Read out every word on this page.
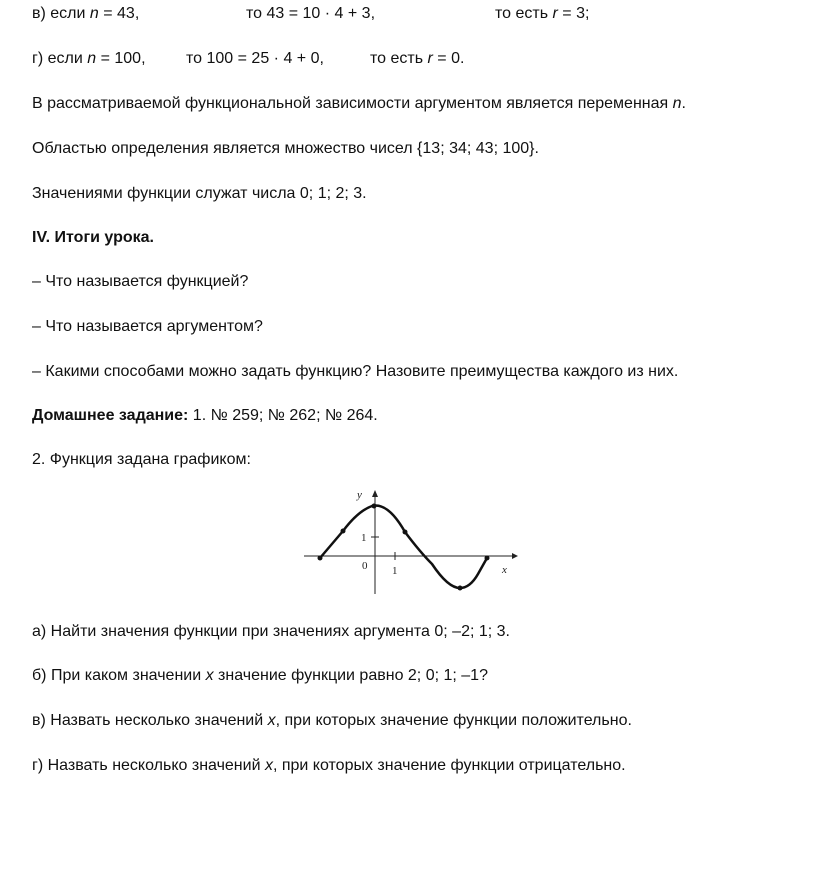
в) если n = 43,	то 43 = 10 · 4 + 3,	то есть r = 3;
г) если n = 100,	то 100 = 25 · 4 + 0,	то есть r = 0.
В рассматриваемой функциональной зависимости аргументом является переменная n.
Областью определения является множество чисел {13; 34; 43; 100}.
Значениями функции служат числа 0; 1; 2; 3.
IV. Итоги урока.
– Что называется функцией?
– Что называется аргументом?
– Какими способами можно задать функцию? Назовите преимущества каждого из них.
Домашнее задание: 1. № 259; № 262; № 264.
2. Функция задана графиком:
y
x
0 1
1
а) Найти значения функции при значениях аргумента 0; –2; 1; 3.
б) При каком значении x значение функции равно 2; 0; 1; –1?
в) Назвать несколько значений x, при которых значение функции положительно.
г) Назвать несколько значений x, при которых значение функции отрицательно.
